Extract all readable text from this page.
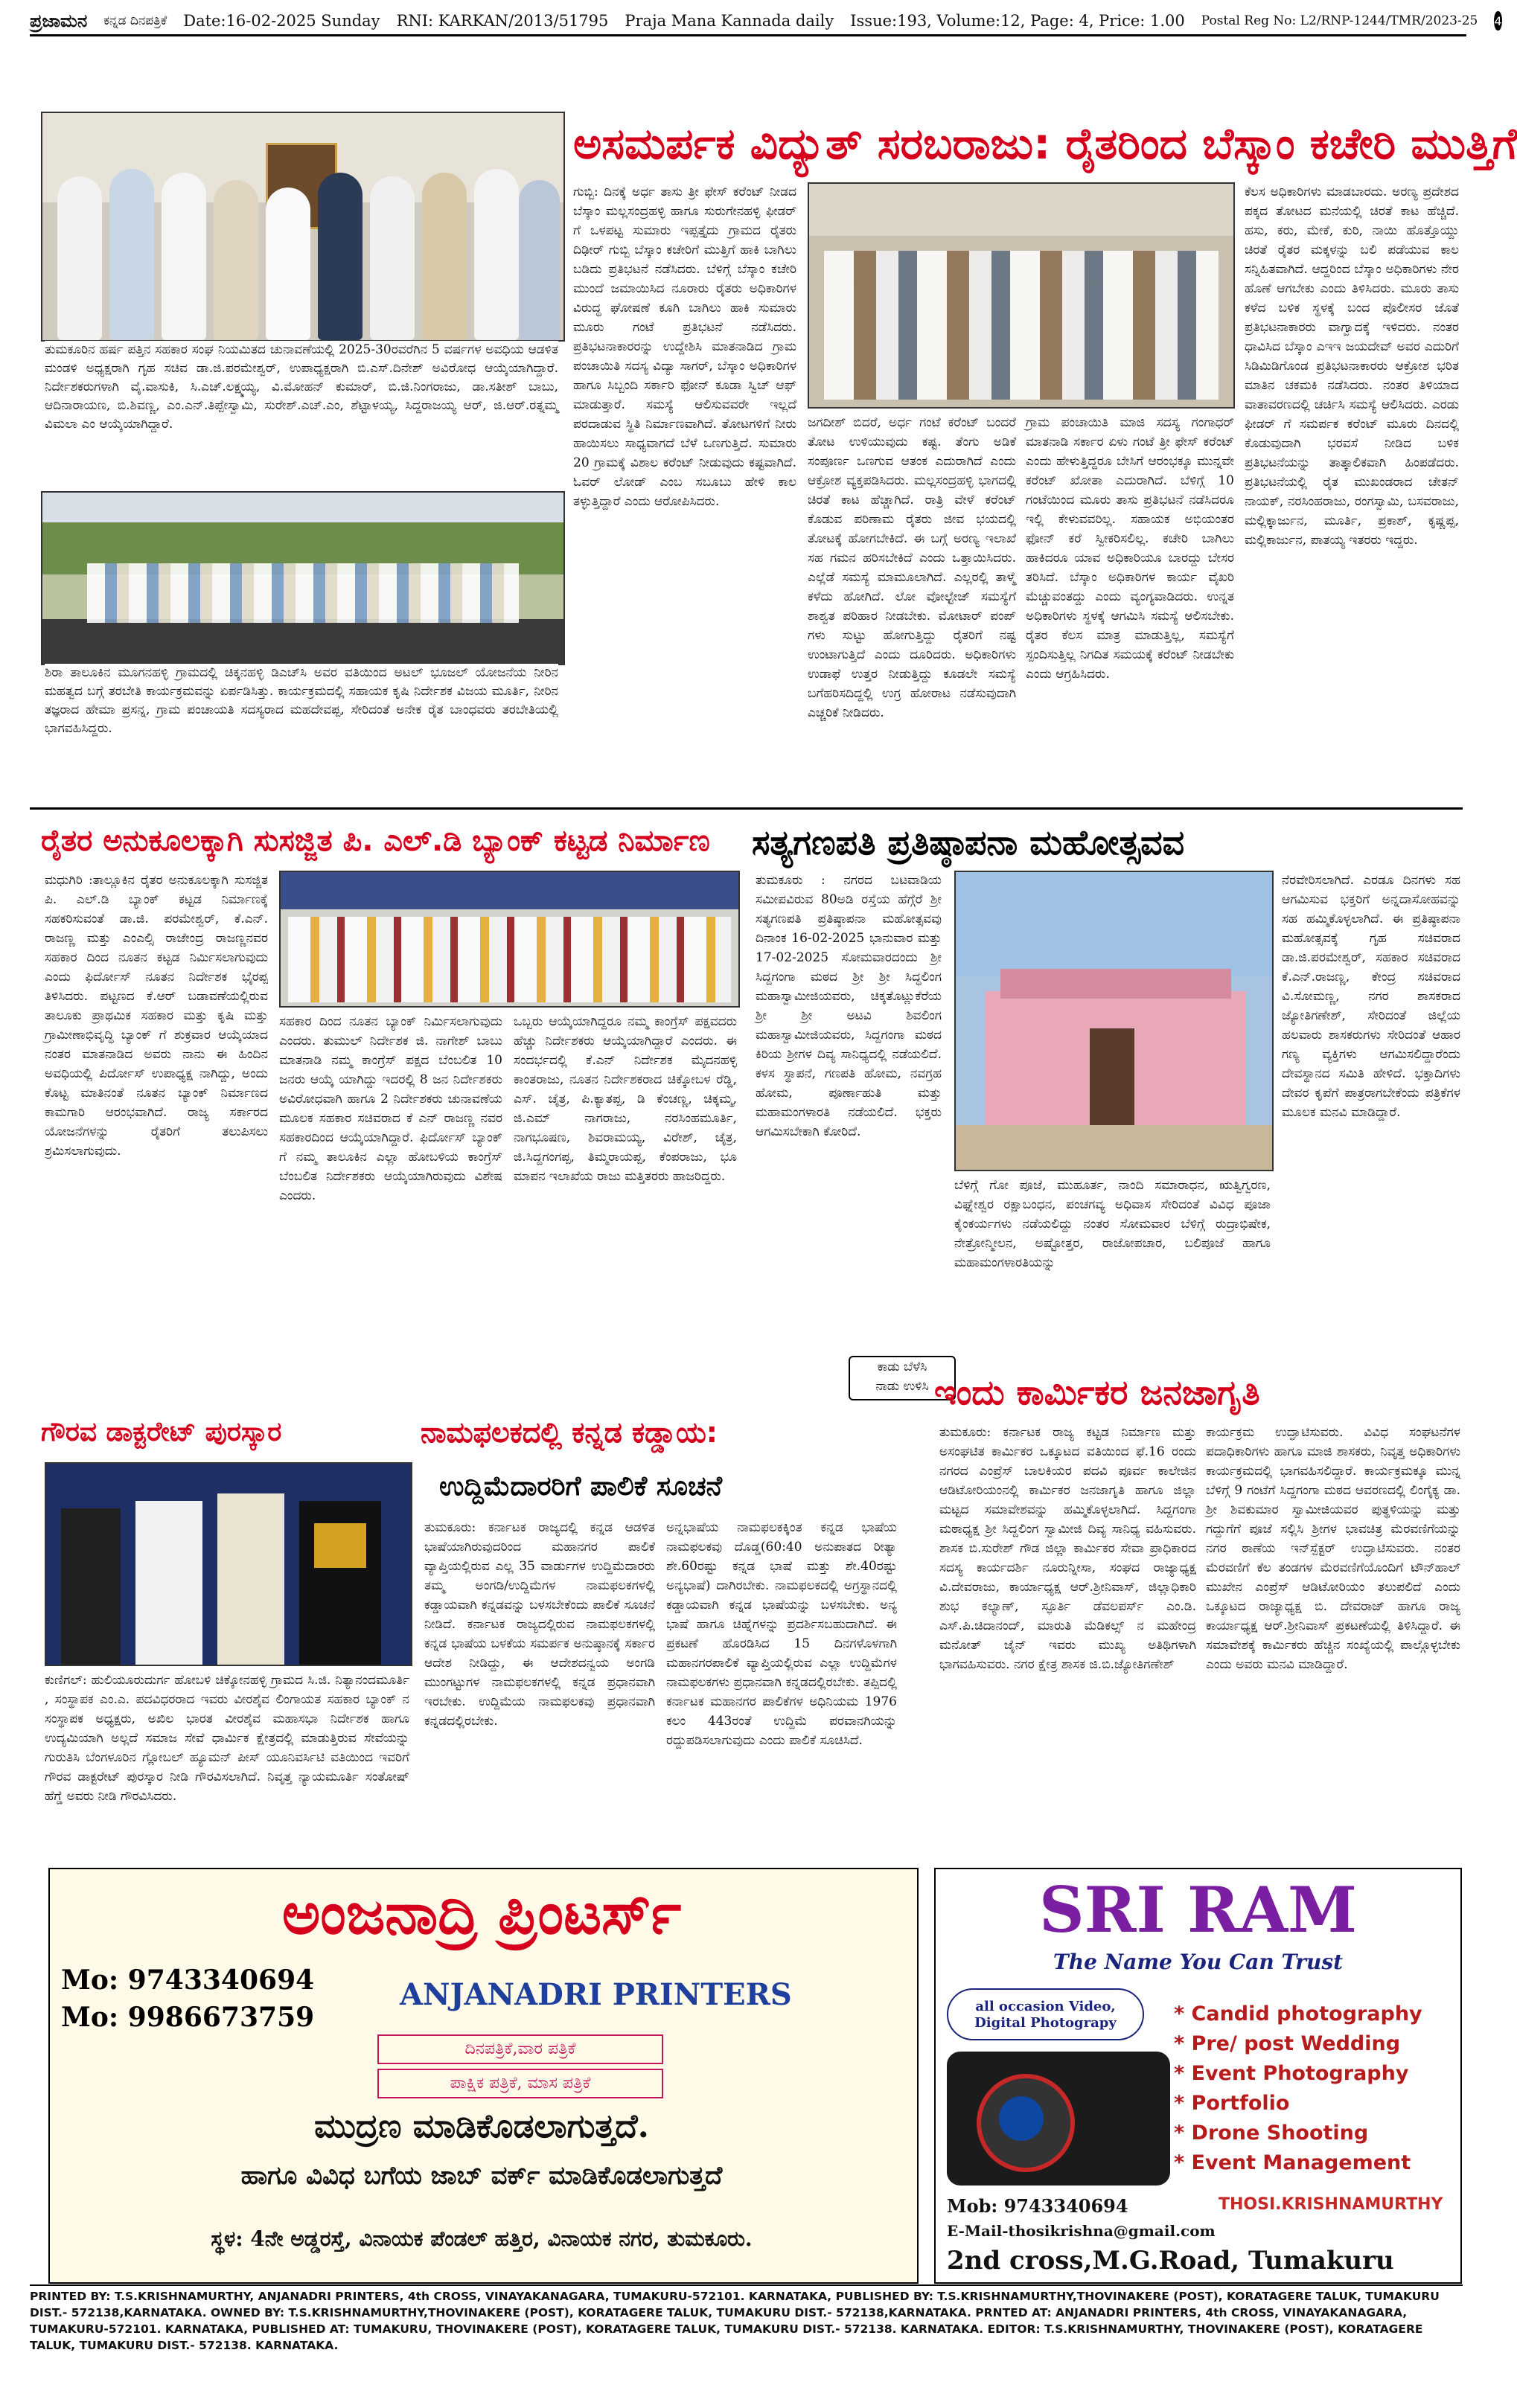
ಪ್ರಜಾಮನ ಕನ್ನಡ ದಿನಪತ್ರಿಕೆ Date:16-02-2025 Sunday RNI: KARKAN/2013/51795 Praja Mana Kannada daily Issue:193, Volume:12, Page: 4, Price: 1.00 Postal Reg No: L2/RNP-1244/TMR/2023-25 4
ತುಮಕೂರಿನ ಹರ್ಷ ಪತ್ತಿನ ಸಹಕಾರ ಸಂಘ ನಿಯಮಿತದ ಚುನಾವಣೆಯಲ್ಲಿ 2025-30ರವರೆಗಿನ 5 ವರ್ಷಗಳ ಅವಧಿಯ ಆಡಳಿತ ಮಂಡಳಿ ಅಧ್ಯಕ್ಷರಾಗಿ ಗೃಹ ಸಚಿವ ಡಾ.ಜಿ.ಪರಮೇಶ್ವರ್, ಉಪಾಧ್ಯಕ್ಷರಾಗಿ ಬಿ.ಎಸ್.ದಿನೇಶ್ ಅವಿರೋಧ ಆಯ್ಕೆಯಾಗಿದ್ದಾರೆ. ನಿರ್ದೇಶಕರುಗಳಾಗಿ ವೈ.ವಾಸುಕಿ, ಸಿ.ಎಚ್.ಲಕ್ಷ್ಮಯ್ಯ, ವಿ.ಮೋಹನ್ ಕುಮಾರ್, ಬಿ.ಜಿ.ನಿಂಗರಾಜು, ಡಾ.ಸತೀಶ್ ಬಾಬು, ಆದಿನಾರಾಯಣ, ಬಿ.ಶಿವಣ್ಣ, ಎಂ.ಎನ್.ತಿಪ್ಪೇಸ್ವಾಮಿ, ಸುರೇಶ್.ಎಚ್.ಎಂ, ಶೆಟ್ಟಾಳಯ್ಯ, ಸಿದ್ದರಾಜಯ್ಯ ಆರ್, ಜಿ.ಆರ್.ರತ್ನಮ್ಮ ವಿಮಲಾ ಎಂ ಆಯ್ಕೆಯಾಗಿದ್ದಾರೆ.
ಶಿರಾ ತಾಲೂಕಿನ ಮೂಗನಹಳ್ಳಿ ಗ್ರಾಮದಲ್ಲಿ ಚಿಕ್ಕನಹಳ್ಳಿ ಡಿಎಚ್‌ಸಿ ಅವರ ವತಿಯಿಂದ ಅಟಲ್ ಭೂಜಲ್ ಯೋಜನೆಯ ನೀರಿನ ಮಹತ್ವದ ಬಗ್ಗೆ ತರಬೇತಿ ಕಾರ್ಯಕ್ರಮವನ್ನು ಏರ್ಪಡಿಸಿತ್ತು. ಕಾರ್ಯಕ್ರಮದಲ್ಲಿ ಸಹಾಯಕ ಕೃಷಿ ನಿರ್ದೇಶಕ ವಿಜಯ ಮೂರ್ತಿ, ನೀರಿನ ತಜ್ಞರಾದ ಹೇಮಾ ಪ್ರಸನ್ನ, ಗ್ರಾಮ ಪಂಚಾಯತಿ ಸದಸ್ಯರಾದ ಮಹದೇವಪ್ಪ, ಸೇರಿದಂತೆ ಅನೇಕ ರೈತ ಬಾಂಧವರು ತರಬೇತಿಯಲ್ಲಿ ಭಾಗವಹಿಸಿದ್ದರು.
ಅಸಮರ್ಪಕ ವಿದ್ಯುತ್ ಸರಬರಾಜು: ರೈತರಿಂದ ಬೆಸ್ಕಾಂ ಕಚೇರಿ ಮುತ್ತಿಗೆ
ಗುಬ್ಬಿ: ದಿನಕ್ಕೆ ಅರ್ಧ ತಾಸು ತ್ರೀ ಫೇಸ್ ಕರೆಂಟ್ ನೀಡದ ಬೆಸ್ಕಾಂ ಮಲ್ಲಸಂದ್ರಹಳ್ಳಿ ಹಾಗೂ ಸುರುಗೇನಹಳ್ಳಿ ಫೀಡರ್ ಗೆ ಒಳಪಟ್ಟ ಸುಮಾರು ಇಪ್ಪತ್ತೈದು ಗ್ರಾಮದ ರೈತರು ದಿಢೀರ್ ಗುಬ್ಬಿ ಬೆಸ್ಕಾಂ ಕಚೇರಿಗೆ ಮುತ್ತಿಗೆ ಹಾಕಿ ಬಾಗಿಲು ಬಡಿದು ಪ್ರತಿಭಟನೆ ನಡೆಸಿದರು. ಬೆಳಿಗ್ಗೆ ಬೆಸ್ಕಾಂ ಕಚೇರಿ ಮುಂದೆ ಜಮಾಯಿಸಿದ ನೂರಾರು ರೈತರು ಅಧಿಕಾರಿಗಳ ವಿರುದ್ಧ ಘೋಷಣೆ ಕೂಗಿ ಬಾಗಿಲು ಹಾಕಿ ಸುಮಾರು ಮೂರು ಗಂಟೆ ಪ್ರತಿಭಟನೆ ನಡೆಸಿದರು. ಪ್ರತಿಭಟನಾಕಾರರನ್ನು ಉದ್ದೇಶಿಸಿ ಮಾತನಾಡಿದ ಗ್ರಾಮ ಪಂಚಾಯಿತಿ ಸದಸ್ಯ ವಿದ್ಯಾ ಸಾಗರ್, ಬೆಸ್ಕಾಂ ಅಧಿಕಾರಿಗಳ ಹಾಗೂ ಸಿಬ್ಬಂದಿ ಸರ್ಕಾರಿ ಫೋನ್ ಕೂಡಾ ಸ್ವಿಚ್ ಆಫ್ ಮಾಡುತ್ತಾರೆ. ಸಮಸ್ಯೆ ಆಲಿಸುವವರೇ ಇಲ್ಲದೆ ಪರದಾಡುವ ಸ್ಥಿತಿ ನಿರ್ಮಾಣವಾಗಿದೆ. ತೋಟಗಳಿಗೆ ನೀರು ಹಾಯಿಸಲು ಸಾಧ್ಯವಾಗದೆ ಬೆಳೆ ಒಣಗುತ್ತಿದೆ. ಸುಮಾರು 20 ಗ್ರಾಮಕ್ಕೆ ವಿಶಾಲ ಕರೆಂಟ್ ನೀಡುವುದು ಕಷ್ಟವಾಗಿದೆ. ಓವರ್ ಲೋಡ್ ಎಂಬ ಸಬೂಬು ಹೇಳಿ ಕಾಲ ತಳ್ಳುತ್ತಿದ್ದಾರೆ ಎಂದು ಆರೋಪಿಸಿದರು.
ಜಗದೀಶ್ ಬಿದರೆ, ಅರ್ಧ ಗಂಟೆ ಕರೆಂಟ್ ಬಂದರೆ ತೋಟ ಉಳಿಯುವುದು ಕಷ್ಟ. ತೆಂಗು ಅಡಿಕೆ ಸಂಪೂರ್ಣ ಒಣಗುವ ಆತಂಕ ಎದುರಾಗಿದೆ ಎಂದು ಆಕ್ರೋಶ ವ್ಯಕ್ತಪಡಿಸಿದರು. ಮಲ್ಲಸಂದ್ರಹಳ್ಳಿ ಭಾಗದಲ್ಲಿ ಚಿರತೆ ಕಾಟ ಹೆಚ್ಚಾಗಿದೆ. ರಾತ್ರಿ ವೇಳೆ ಕರೆಂಟ್ ಕೊಡುವ ಪರಿಣಾಮ ರೈತರು ಜೀವ ಭಯದಲ್ಲಿ ತೋಟಕ್ಕೆ ಹೋಗಬೇಕಿದೆ. ಈ ಬಗ್ಗೆ ಅರಣ್ಯ ಇಲಾಖೆ ಸಹ ಗಮನ ಹರಿಸಬೇಕಿದೆ ಎಂದು ಒತ್ತಾಯಿಸಿದರು. ಎಲ್ಲೆಡೆ ಸಮಸ್ಯೆ ಮಾಮೂಲಾಗಿದೆ. ಎಲ್ಲರಲ್ಲಿ ತಾಳ್ಮೆ ಕಳೆದು ಹೋಗಿದೆ. ಲೋ ವೋಲ್ಟೇಜ್ ಸಮಸ್ಯೆಗೆ ಶಾಶ್ವತ ಪರಿಹಾರ ನೀಡಬೇಕು. ಮೋಟಾರ್ ಪಂಪ್ ಗಳು ಸುಟ್ಟು ಹೋಗುತ್ತಿದ್ದು ರೈತರಿಗೆ ನಷ್ಟ ಉಂಟಾಗುತ್ತಿದೆ ಎಂದು ದೂರಿದರು. ಅಧಿಕಾರಿಗಳು ಉಡಾಫೆ ಉತ್ತರ ನೀಡುತ್ತಿದ್ದು ಕೂಡಲೇ ಸಮಸ್ಯೆ ಬಗೆಹರಿಸದಿದ್ದಲ್ಲಿ ಉಗ್ರ ಹೋರಾಟ ನಡೆಸುವುದಾಗಿ ಎಚ್ಚರಿಕೆ ನೀಡಿದರು.
ಗ್ರಾಮ ಪಂಚಾಯಿತಿ ಮಾಜಿ ಸದಸ್ಯ ಗಂಗಾಧರ್ ಮಾತನಾಡಿ ಸರ್ಕಾರ ಏಳು ಗಂಟೆ ತ್ರೀ ಫೇಸ್ ಕರೆಂಟ್ ಎಂದು ಹೇಳುತ್ತಿದ್ದರೂ ಬೇಸಿಗೆ ಆರಂಭಕ್ಕೂ ಮುನ್ನವೇ ಕರೆಂಟ್ ಖೋತಾ ಎದುರಾಗಿದೆ. ಬೆಳಿಗ್ಗೆ 10 ಗಂಟೆಯಿಂದ ಮೂರು ತಾಸು ಪ್ರತಿಭಟನೆ ನಡೆಸಿದರೂ ಇಲ್ಲಿ ಕೇಳುವವರಿಲ್ಲ. ಸಹಾಯಕ ಅಭಿಯಂತರ ಫೋನ್ ಕರೆ ಸ್ವೀಕರಿಸಲಿಲ್ಲ. ಕಚೇರಿ ಬಾಗಿಲು ಹಾಕಿದರೂ ಯಾವ ಅಧಿಕಾರಿಯೂ ಬಾರದ್ದು ಬೇಸರ ತರಿಸಿದೆ. ಬೆಸ್ಕಾಂ ಅಧಿಕಾರಿಗಳ ಕಾರ್ಯ ವೈಖರಿ ಮೆಚ್ಚುವಂತದ್ದು ಎಂದು ವ್ಯಂಗ್ಯವಾಡಿದರು. ಉನ್ನತ ಅಧಿಕಾರಿಗಳು ಸ್ಥಳಕ್ಕೆ ಆಗಮಿಸಿ ಸಮಸ್ಯೆ ಆಲಿಸಬೇಕು. ರೈತರ ಕೆಲಸ ಮಾತ್ರ ಮಾಡುತ್ತಿಲ್ಲ, ಸಮಸ್ಯೆಗೆ ಸ್ಪಂದಿಸುತ್ತಿಲ್ಲ ನಿಗದಿತ ಸಮಯಕ್ಕೆ ಕರೆಂಟ್ ನೀಡಬೇಕು ಎಂದು ಆಗ್ರಹಿಸಿದರು.
ಕೆಲಸ ಅಧಿಕಾರಿಗಳು ಮಾಡಬಾರದು. ಅರಣ್ಯ ಪ್ರದೇಶದ ಪಕ್ಕದ ತೋಟದ ಮನೆಯಲ್ಲಿ ಚಿರತೆ ಕಾಟ ಹೆಚ್ಚಿದೆ. ಹಸು, ಕರು, ಮೇಕೆ, ಕುರಿ, ನಾಯಿ ಹೊತ್ತೊಯ್ದು ಚಿರತೆ ರೈತರ ಮಕ್ಕಳನ್ನು ಬಲಿ ಪಡೆಯುವ ಕಾಲ ಸನ್ನಿಹಿತವಾಗಿದೆ. ಆದ್ದರಿಂದ ಬೆಸ್ಕಾಂ ಅಧಿಕಾರಿಗಳು ನೇರ ಹೊಣೆ ಆಗಬೇಕು ಎಂದು ತಿಳಿಸಿದರು. ಮೂರು ತಾಸು ಕಳೆದ ಬಳಿಕ ಸ್ಥಳಕ್ಕೆ ಬಂದ ಪೊಲೀಸರ ಜೊತೆ ಪ್ರತಿಭಟನಾಕಾರರು ವಾಗ್ವಾದಕ್ಕೆ ಇಳಿದರು. ನಂತರ ಧಾವಿಸಿದ ಬೆಸ್ಕಾಂ ಎಇಇ ಜಯದೇವ್ ಅವರ ಎದುರಿಗೆ ಸಿಡಿಮಿಡಿಗೊಂಡ ಪ್ರತಿಭಟನಾಕಾರರು ಆಕ್ರೋಶ ಭರಿತ ಮಾತಿನ ಚಕಮಕಿ ನಡೆಸಿದರು. ನಂತರ ತಿಳಿಯಾದ ವಾತಾವರಣದಲ್ಲಿ ಚರ್ಚಿಸಿ ಸಮಸ್ಯೆ ಆಲಿಸಿದರು. ಎರಡು ಫೀಡರ್ ಗೆ ಸಮರ್ಪಕ ಕರೆಂಟ್ ಮೂರು ದಿನದಲ್ಲಿ ಕೊಡುವುದಾಗಿ ಭರವಸೆ ನೀಡಿದ ಬಳಿಕ ಪ್ರತಿಭಟನೆಯನ್ನು ತಾತ್ಕಾಲಿಕವಾಗಿ ಹಿಂಪಡೆದರು. ಪ್ರತಿಭಟನೆಯಲ್ಲಿ ರೈತ ಮುಖಂಡರಾದ ಚೇತನ್ ನಾಯಕ್, ನರಸಿಂಹರಾಜು, ರಂಗಸ್ವಾಮಿ, ಬಸವರಾಜು, ಮಲ್ಲಿಕ್ಕಾರ್ಜುನ, ಮೂರ್ತಿ, ಪ್ರಕಾಶ್, ಕೃಷ್ಣಪ್ಪ, ಮಲ್ಲಿಕಾರ್ಜುನ, ಪಾತಯ್ಯ ಇತರರು ಇದ್ದರು.
ರೈತರ ಅನುಕೂಲಕ್ಕಾಗಿ ಸುಸಜ್ಜಿತ ಪಿ. ಎಲ್.ಡಿ ಬ್ಯಾಂಕ್ ಕಟ್ಟಡ ನಿರ್ಮಾಣ
ಮಧುಗಿರಿ :ತಾಲ್ಲೂಕಿನ ರೈತರ ಅನುಕೂಲಕ್ಕಾಗಿ ಸುಸಜ್ಜಿತ ಪಿ. ಎಲ್.ಡಿ ಬ್ಯಾಂಕ್ ಕಟ್ಟಡ ನಿರ್ಮಾಣಕ್ಕೆ ಸಹಕರಿಸುವಂತೆ ಡಾ.ಜಿ. ಪರಮೇಶ್ವರ್, ಕೆ.ಎನ್. ರಾಜಣ್ಣ ಮತ್ತು ಎಂಎಲ್ಸಿ ರಾಜೇಂದ್ರ ರಾಜಣ್ಣನವರ ಸಹಕಾರ ದಿಂದ ನೂತನ ಕಟ್ಟಡ ನಿರ್ಮಿಸಲಾಗುವುದು ಎಂದು ಫಿರ್ದೋಸ್ ನೂತನ ನಿರ್ದೇಶಕ ಭೈರಪ್ಪ ತಿಳಿಸಿದರು. ಪಟ್ಟಣದ ಕೆ.ಆರ್ ಬಡಾವಣೆಯಲ್ಲಿರುವ ತಾಲೂಕು ಪ್ರಾಥಮಿಕ ಸಹಕಾರ ಮತ್ತು ಕೃಷಿ ಮತ್ತು ಗ್ರಾಮೀಣಾಭಿವೃದ್ಧಿ ಬ್ಯಾಂಕ್ ಗೆ ಶುಕ್ರವಾರ ಆಯ್ಕೆಯಾದ ನಂತರ ಮಾತನಾಡಿದ ಅವರು ನಾನು ಈ ಹಿಂದಿನ ಅವಧಿಯಲ್ಲಿ ಪಿರ್ದೋಸ್ ಉಪಾಧ್ಯಕ್ಷ ನಾಗಿದ್ದು, ಅಂದು ಕೊಟ್ಟ ಮಾತಿನಂತೆ ನೂತನ ಬ್ಯಾಂಕ್ ನಿರ್ಮಾಣದ ಕಾಮಗಾರಿ ಆರಂಭವಾಗಿದೆ. ರಾಜ್ಯ ಸರ್ಕಾರದ ಯೋಜನೆಗಳನ್ನು ರೈತರಿಗೆ ತಲುಪಿಸಲು ಶ್ರಮಿಸಲಾಗುವುದು.
ಸಹಕಾರ ದಿಂದ ನೂತನ ಬ್ಯಾಂಕ್ ನಿರ್ಮಿಸಲಾಗುವುದು ಎಂದರು. ತುಮುಲ್ ನಿರ್ದೇಶಕ ಜಿ. ನಾಗೇಶ್ ಬಾಬು ಮಾತನಾಡಿ ನಮ್ಮ ಕಾಂಗ್ರೆಸ್ ಪಕ್ಷದ ಬೆಂಬಲಿತ 10 ಜನರು ಆಯ್ಕೆ ಯಾಗಿದ್ದು ಇದರಲ್ಲಿ 8 ಜನ ನಿರ್ದೇಶಕರು ಅವಿರೋಧವಾಗಿ ಹಾಗೂ 2 ನಿರ್ದೇಶಕರು ಚುನಾವಣೆಯ ಮೂಲಕ ಸಹಕಾರ ಸಚಿವರಾದ ಕೆ ಎನ್ ರಾಜಣ್ಣ ನವರ ಸಹಕಾರದಿಂದ ಆಯ್ಕೆಯಾಗಿದ್ದಾರೆ. ಫಿರ್ದೋಸ್ ಬ್ಯಾಂಕ್ ಗೆ ನಮ್ಮ ತಾಲೂಕಿನ ಎಲ್ಲಾ ಹೋಬಳಿಯ ಕಾಂಗ್ರೆಸ್ ಬೆಂಬಲಿತ ನಿರ್ದೇಶಕರು ಆಯ್ಕೆಯಾಗಿರುವುದು ವಿಶೇಷ ಎಂದರು.
ಒಬ್ಬರು ಆಯ್ಕೆಯಾಗಿದ್ದರೂ ನಮ್ಮ ಕಾಂಗ್ರೆಸ್ ಪಕ್ಷವದರು ಹೆಚ್ಚು ನಿರ್ದೇಶಕರು ಆಯ್ಕೆಯಾಗಿದ್ದಾರೆ ಎಂದರು. ಈ ಸಂದರ್ಭದಲ್ಲಿ ಕೆ.ಎನ್ ನಿರ್ದೇಶಕ ಮೈದನಹಳ್ಳಿ ಕಾಂತರಾಜು, ನೂತನ ನಿರ್ದೇಶಕರಾದ ಚಿಕ್ಕೋಬಳ ರೆಡ್ಡಿ, ಎಸ್. ಚೈತ್ರ, ಪಿ.ಕ್ಯಾತಪ್ಪ, ಡಿ ಕೆಂಚಣ್ಣ, ಚಿಕ್ಕಮ್ಮ, ಜಿ.ಎಮ್ ನಾಗರಾಜು, ನರಸಿಂಹಮೂರ್ತಿ, ನಾಗಭೂಷಣ, ಶಿವರಾಮಯ್ಯ, ವಿರೇಶ್, ಚೈತ್ರ, ಜಿ.ಸಿದ್ದಗಂಗಪ್ಪ, ತಿಮ್ಮರಾಯಪ್ಪ, ಕೆಂಪರಾಜು, ಭೂ ಮಾಪನ ಇಲಾಖೆಯ ರಾಜು ಮತ್ತಿತರರು ಹಾಜರಿದ್ದರು.
ಸತ್ಯಗಣಪತಿ ಪ್ರತಿಷ್ಠಾಪನಾ ಮಹೋತ್ಸವವ
ತುಮಕೂರು : ನಗರದ ಬಟವಾಡಿಯ ಸಮೀಪವಿರುವ 80ಅಡಿ ರಸ್ತೆಯ ಹೆಗ್ಗೆರೆ ಶ್ರೀ ಸತ್ಯಗಣಪತಿ ಪ್ರತಿಷ್ಠಾಪನಾ ಮಹೋತ್ಸವವು ದಿನಾಂಕ 16-02-2025 ಭಾನುವಾರ ಮತ್ತು 17-02-2025 ಸೋಮವಾರದಂದು ಶ್ರೀ ಸಿದ್ದಗಂಗಾ ಮಠದ ಶ್ರೀ ಶ್ರೀ ಸಿದ್ಧಲಿಂಗ ಮಹಾಸ್ವಾಮೀಜಿಯವರು, ಚಿಕ್ಕತೊಟ್ಲುಕೆರೆಯ ಶ್ರೀ ಶ್ರೀ ಅಟವಿ ಶಿವಲಿಂಗ ಮಹಾಸ್ವಾಮೀಜಿಯವರು, ಸಿದ್ದಗಂಗಾ ಮಠದ ಕಿರಿಯ ಶ್ರೀಗಳ ದಿವ್ಯ ಸಾನಿಧ್ಯದಲ್ಲಿ ನಡೆಯಲಿದೆ. ಕಳಸ ಸ್ಥಾಪನೆ, ಗಣಪತಿ ಹೋಮ, ನವಗ್ರಹ ಹೋಮ, ಪೂರ್ಣಾಹುತಿ ಮತ್ತು ಮಹಾಮಂಗಳಾರತಿ ನಡೆಯಲಿದೆ. ಭಕ್ತರು ಆಗಮಿಸಬೇಕಾಗಿ ಕೋರಿದೆ.
ಬೆಳಿಗ್ಗೆ ಗೋ ಪೂಜೆ, ಮುಹೂರ್ತ, ನಾಂದಿ ಸಮಾರಾಧನ, ಋತ್ವಿಗ್ವರಣ, ವಿಘ್ನೇಶ್ವರ ರಕ್ಷಾಬಂಧನ, ಪಂಚಗವ್ಯ ಅಧಿವಾಸ ಸೇರಿದಂತೆ ವಿವಿಧ ಪೂಜಾ ಕೈಂಕರ್ಯಗಳು ನಡೆಯಲಿದ್ದು ನಂತರ ಸೋಮವಾರ ಬೆಳಿಗ್ಗೆ ರುದ್ರಾಭಿಷೇಕ, ನೇತ್ರೋನ್ಮೀಲನ, ಅಷ್ಟೋತ್ತರ, ರಾಜೋಪಚಾರ, ಬಲಿಪೂಜೆ ಹಾಗೂ ಮಹಾಮಂಗಳಾರತಿಯನ್ನು
ನೆರವೇರಿಸಲಾಗಿದೆ. ಎರಡೂ ದಿನಗಳು ಸಹ ಆಗಮಿಸುವ ಭಕ್ತರಿಗೆ ಅನ್ನದಾಸೋಹವನ್ನು ಸಹ ಹಮ್ಮಿಕೊಳ್ಳಲಾಗಿದೆ. ಈ ಪ್ರತಿಷ್ಠಾಪನಾ ಮಹೋತ್ಸವಕ್ಕೆ ಗೃಹ ಸಚಿವರಾದ ಡಾ.ಜಿ.ಪರಮೇಶ್ವರ್, ಸಹಕಾರ ಸಚಿವರಾದ ಕೆ.ಎನ್.ರಾಜಣ್ಣ, ಕೇಂದ್ರ ಸಚಿವರಾದ ವಿ.ಸೋಮಣ್ಣ, ನಗರ ಶಾಸಕರಾದ ಜ್ಯೋತಿಗಣೇಶ್, ಸೇರಿದಂತೆ ಜಿಲ್ಲೆಯ ಹಲವಾರು ಶಾಸಕರುಗಳು ಸೇರಿದಂತೆ ಆಹಾರ ಗಣ್ಯ ವ್ಯಕ್ತಿಗಳು ಆಗಮಿಸಲಿದ್ದಾರೆಂದು ದೇವಸ್ಥಾನದ ಸಮಿತಿ ಹೇಳಿದೆ. ಭಕ್ತಾದಿಗಳು ದೇವರ ಕೃಪೆಗೆ ಪಾತ್ರರಾಗಬೇಕೆಂದು ಪತ್ರಿಕೆಗಳ ಮೂಲಕ ಮನವಿ ಮಾಡಿದ್ದಾರೆ.
ಕಾಡು ಬೆಳೆಸಿ
ನಾಡು ಉಳಿಸಿ ಇಂದು ಕಾರ್ಮಿಕರ ಜನಜಾಗೃತಿ
ತುಮಕೂರು: ಕರ್ನಾಟಕ ರಾಜ್ಯ ಕಟ್ಟಡ ನಿರ್ಮಾಣ ಮತ್ತು ಅಸಂಘಟಿತ ಕಾರ್ಮಿಕರ ಒಕ್ಕೂಟದ ವತಿಯಿಂದ ಫೆ.16 ರಂದು ನಗರದ ಎಂಪ್ರೆಸ್ ಬಾಲಕಿಯರ ಪದವಿ ಪೂರ್ವ ಕಾಲೇಜಿನ ಆಡಿಟೋರಿಯಂನಲ್ಲಿ ಕಾರ್ಮಿಕರ ಜನಜಾಗೃತಿ ಹಾಗೂ ಜಿಲ್ಲಾ ಮಟ್ಟದ ಸಮಾವೇಶವನ್ನು ಹಮ್ಮಿಕೊಳ್ಳಲಾಗಿದೆ. ಸಿದ್ದಗಂಗಾ ಮಠಾಧ್ಯಕ್ಷ ಶ್ರೀ ಸಿದ್ದಲಿಂಗ ಸ್ವಾಮೀಜಿ ದಿವ್ಯ ಸಾನಿಧ್ಯ ವಹಿಸುವರು. ಶಾಸಕ ಬಿ.ಸುರೇಶ್ ಗೌಡ ಜಿಲ್ಲಾ ಕಾರ್ಮಿಕರ ಸೇವಾ ಪ್ರಾಧಿಕಾರದ ಸದಸ್ಯ ಕಾರ್ಯದರ್ಶಿ ನೂರುನ್ನೀಸಾ, ಸಂಘದ ರಾಜ್ಯಾಧ್ಯಕ್ಷ ವಿ.ದೇವರಾಜು, ಕಾರ್ಯಾಧ್ಯಕ್ಷ ಆರ್.ಶ್ರೀನಿವಾಸ್, ಜಿಲ್ಲಾಧಿಕಾರಿ ಶುಭ ಕಲ್ಯಾಣ್, ಸ್ಫೂರ್ತಿ ಡೆವಲಪರ್ಸ್ ಎಂ.ಡಿ. ಎಸ್.ಪಿ.ಚಿದಾನಂದ್, ಮಾರುತಿ ಮೆಡಿಕಲ್ಸ್ ನ ಮಹೇಂದ್ರ ಮನೋತ್ ಜೈನ್ ಇವರು ಮುಖ್ಯ ಅತಿಥಿಗಳಾಗಿ ಭಾಗವಹಿಸುವರು. ನಗರ ಕ್ಷೇತ್ರ ಶಾಸಕ ಜಿ.ಬಿ.ಜ್ಯೋತಿಗಣೇಶ್
ಕಾರ್ಯಕ್ರಮ ಉದ್ಘಾಟಿಸುವರು. ವಿವಿಧ ಸಂಘಟನೆಗಳ ಪದಾಧಿಕಾರಿಗಳು ಹಾಗೂ ಮಾಜಿ ಶಾಸಕರು, ನಿವೃತ್ತ ಅಧಿಕಾರಿಗಳು ಕಾರ್ಯಕ್ರಮದಲ್ಲಿ ಭಾಗವಹಿಸಲಿದ್ದಾರೆ. ಕಾರ್ಯಕ್ರಮಕ್ಕೂ ಮುನ್ನ ಬೆಳಿಗ್ಗೆ 9 ಗಂಟೆಗೆ ಸಿದ್ದಗಂಗಾ ಮಠದ ಆವರಣದಲ್ಲಿ ಲಿಂಗೈಕ್ಯ ಡಾ. ಶ್ರೀ ಶಿವಕುಮಾರ ಸ್ವಾಮೀಜಿಯವರ ಪುತ್ಥಳಿಯನ್ನು ಮತ್ತು ಗದ್ದುಗೆಗೆ ಪೂಜೆ ಸಲ್ಲಿಸಿ ಶ್ರೀಗಳ ಭಾವಚಿತ್ರ ಮೆರವಣಿಗೆಯನ್ನು ನಗರ ಠಾಣೆಯ ಇನ್‌ಸ್ಪೆಕ್ಟರ್ ಉದ್ಘಾಟಿಸುವರು. ನಂತರ ಮೆರವಣಿಗೆ ಕೆಲ ತಂಡಗಳ ಮೆರವಣಿಗೆಯೊಂದಿಗೆ ಟೌನ್‌ಹಾಲ್ ಮುಖೇನ ಎಂಪ್ರೆಸ್ ಆಡಿಟೋರಿಯಂ ತಲುಪಲಿದೆ ಎಂದು ಒಕ್ಕೂಟದ ರಾಜ್ಯಾಧ್ಯಕ್ಷ ಬಿ. ದೇವರಾಜ್ ಹಾಗೂ ರಾಜ್ಯ ಕಾರ್ಯಾಧ್ಯಕ್ಷ ಆರ್.ಶ್ರೀನಿವಾಸ್ ಪ್ರಕಟಣೆಯಲ್ಲಿ ತಿಳಿಸಿದ್ದಾರೆ. ಈ ಸಮಾವೇಶಕ್ಕೆ ಕಾರ್ಮಿಕರು ಹೆಚ್ಚಿನ ಸಂಖ್ಯೆಯಲ್ಲಿ ಪಾಲ್ಗೊಳ್ಳಬೇಕು ಎಂದು ಅವರು ಮನವಿ ಮಾಡಿದ್ದಾರೆ.
ಗೌರವ ಡಾಕ್ಟರೇಟ್ ಪುರಸ್ಕಾರ
ಕುಣಿಗಲ್: ಹುಲಿಯೂರುದುರ್ಗ ಹೋಬಳಿ ಚಿಕ್ಕೋನಹಳ್ಳಿ ಗ್ರಾಮದ ಸಿ.ಜಿ. ನಿತ್ಯಾನಂದಮೂರ್ತಿ , ಸಂಸ್ಥಾಪಕ ಎಂ.ಎ. ಪದವಿಧರರಾದ ಇವರು ವೀರಶೈವ ಲಿಂಗಾಯತ ಸಹಕಾರ ಬ್ಯಾಂಕ್ ನ ಸಂಸ್ಥಾಪಕ ಅಧ್ಯಕ್ಷರು, ಅಖಿಲ ಭಾರತ ವೀರಶೈವ ಮಹಾಸಭಾ ನಿರ್ದೇಶಕ ಹಾಗೂ ಉದ್ಯಮಿಯಾಗಿ ಅಲ್ಲದೆ ಸಮಾಜ ಸೇವೆ ಧಾರ್ಮಿಕ ಕ್ಷೇತ್ರದಲ್ಲಿ ಮಾಡುತ್ತಿರುವ ಸೇವೆಯನ್ನು ಗುರುತಿಸಿ ಬೆಂಗಳೂರಿನ ಗ್ಲೋಬಲ್ ಹ್ಯೂಮನ್ ಪೀಸ್ ಯೂನಿವರ್ಸಿಟಿ ವತಿಯಿಂದ ಇವರಿಗೆ ಗೌರವ ಡಾಕ್ಟರೇಟ್ ಪುರಸ್ಕಾರ ನೀಡಿ ಗೌರವಿಸಲಾಗಿದೆ. ನಿವೃತ್ತ ನ್ಯಾಯಮೂರ್ತಿ ಸಂತೋಷ್ ಹೆಗ್ಡೆ ಅವರು ನೀಡಿ ಗೌರವಿಸಿದರು.
ನಾಮಫಲಕದಲ್ಲಿ ಕನ್ನಡ ಕಡ್ಡಾಯ:
ಉದ್ದಿಮೆದಾರರಿಗೆ ಪಾಲಿಕೆ ಸೂಚನೆ
ತುಮಕೂರು: ಕರ್ನಾಟಕ ರಾಜ್ಯದಲ್ಲಿ ಕನ್ನಡ ಆಡಳಿತ ಭಾಷೆಯಾಗಿರುವುದರಿಂದ ಮಹಾನಗರ ಪಾಲಿಕೆ ವ್ಯಾಪ್ತಿಯಲ್ಲಿರುವ ಎಲ್ಲ 35 ವಾರ್ಡುಗಳ ಉದ್ದಿಮೆದಾರರು ತಮ್ಮ ಅಂಗಡಿ/ಉದ್ದಿಮೆಗಳ ನಾಮಫಲಕಗಳಲ್ಲಿ ಕಡ್ಡಾಯವಾಗಿ ಕನ್ನಡವನ್ನು ಬಳಸಬೇಕೆಂದು ಪಾಲಿಕೆ ಸೂಚನೆ ನೀಡಿದೆ. ಕರ್ನಾಟಕ ರಾಜ್ಯದಲ್ಲಿರುವ ನಾಮಫಲಕಗಳಲ್ಲಿ ಕನ್ನಡ ಭಾಷೆಯ ಬಳಕೆಯ ಸಮರ್ಪಕ ಅನುಷ್ಠಾನಕ್ಕೆ ಸರ್ಕಾರ ಆದೇಶ ನೀಡಿದ್ದು, ಈ ಆದೇಶದನ್ವಯ ಅಂಗಡಿ ಮುಂಗಟ್ಟುಗಳ ನಾಮಫಲಕಗಳಲ್ಲಿ ಕನ್ನಡ ಪ್ರಧಾನವಾಗಿ ಇರಬೇಕು. ಉದ್ದಿಮೆಯ ನಾಮಫಲಕವು ಪ್ರಧಾನವಾಗಿ ಕನ್ನಡದಲ್ಲಿರಬೇಕು.
ಅನ್ನಭಾಷೆಯ ನಾಮಫಲಕಕ್ಕಿಂತ ಕನ್ನಡ ಭಾಷೆಯ ನಾಮಫಲಕವು ದೊಡ್ಡ(60:40 ಅನುಪಾತದ ರೀತ್ಯಾ ಶೇ.60ರಷ್ಟು ಕನ್ನಡ ಭಾಷೆ ಮತ್ತು ಶೇ.40ರಷ್ಟು ಅನ್ಯಭಾಷೆ) ದಾಗಿರಬೇಕು. ನಾಮಫಲಕದಲ್ಲಿ ಅಗ್ರಸ್ಥಾನದಲ್ಲಿ ಕಡ್ಡಾಯವಾಗಿ ಕನ್ನಡ ಭಾಷೆಯನ್ನು ಬಳಸಬೇಕು. ಅನ್ಯ ಭಾಷೆ ಹಾಗೂ ಚಿಹ್ನೆಗಳನ್ನು ಪ್ರದರ್ಶಿಸಬಹುದಾಗಿದೆ. ಈ ಪ್ರಕಟಣೆ ಹೊರಡಿಸಿದ 15 ದಿನಗಳೊಳಗಾಗಿ ಮಹಾನಗರಪಾಲಿಕೆ ವ್ಯಾಪ್ತಿಯಲ್ಲಿರುವ ಎಲ್ಲಾ ಉದ್ದಿಮೆಗಳ ನಾಮಫಲಕಗಳು ಪ್ರಧಾನವಾಗಿ ಕನ್ನಡದಲ್ಲಿರಬೇಕು. ತಪ್ಪಿದಲ್ಲಿ ಕರ್ನಾಟಕ ಮಹಾನಗರ ಪಾಲಿಕೆಗಳ ಅಧಿನಿಯಮ 1976 ಕಲಂ 443ರಂತೆ ಉದ್ದಿಮೆ ಪರವಾನಗಿಯನ್ನು ರದ್ದುಪಡಿಸಲಾಗುವುದು ಎಂದು ಪಾಲಿಕೆ ಸೂಚಿಸಿದೆ.
ಅಂಜನಾದ್ರಿ ಪ್ರಿಂಟರ್ಸ್
Mo: 9743340694
Mo: 9986673759
ANJANADRI PRINTERS
ದಿನಪತ್ರಿಕೆ,ವಾರ ಪತ್ರಿಕೆ
ಪಾಕ್ಷಿಕ ಪತ್ರಿಕೆ, ಮಾಸ ಪತ್ರಿಕೆ
ಮುದ್ರಣ ಮಾಡಿಕೊಡಲಾಗುತ್ತದೆ.
ಹಾಗೂ ವಿವಿಧ ಬಗೆಯ ಜಾಬ್ ವರ್ಕ್ ಮಾಡಿಕೊಡಲಾಗುತ್ತದೆ
ಸ್ಥಳ: 4ನೇ ಅಡ್ಡರಸ್ತೆ, ವಿನಾಯಕ ಪೆಂಡಲ್ ಹತ್ತಿರ, ವಿನಾಯಕ ನಗರ, ತುಮಕೂರು.
SRI RAM
The Name You Can Trust
all occasion Video, Digital Photograpy	* Candid photography
* Pre/ post Wedding
* Event Photography
* Portfolio
* Drone Shooting
* Event Management
Mob: 9743340694	THOSI.KRISHNAMURTHY
E-Mail-thosikrishna@gmail.com
2nd cross,M.G.Road, Tumakuru
PRINTED BY: T.S.KRISHNAMURTHY, ANJANADRI PRINTERS, 4th CROSS, VINAYAKANAGARA, TUMAKURU-572101. KARNATAKA, PUBLISHED BY: T.S.KRISHNAMURTHY,THOVINAKERE (POST), KORATAGERE TALUK, TUMAKURU DIST.- 572138,KARNATAKA. OWNED BY: T.S.KRISHNAMURTHY,THOVINAKERE (POST), KORATAGERE TALUK, TUMAKURU DIST.- 572138,KARNATAKA. PRNTED AT: ANJANADRI PRINTERS, 4th CROSS, VINAYAKANAGARA, TUMAKURU-572101. KARNATAKA, PUBLISHED AT: TUMAKURU, THOVINAKERE (POST), KORATAGERE TALUK, TUMAKURU DIST.- 572138. KARNATAKA. EDITOR: T.S.KRISHNAMURTHY, THOVINAKERE (POST), KORATAGERE TALUK, TUMAKURU DIST.- 572138. KARNATAKA.
